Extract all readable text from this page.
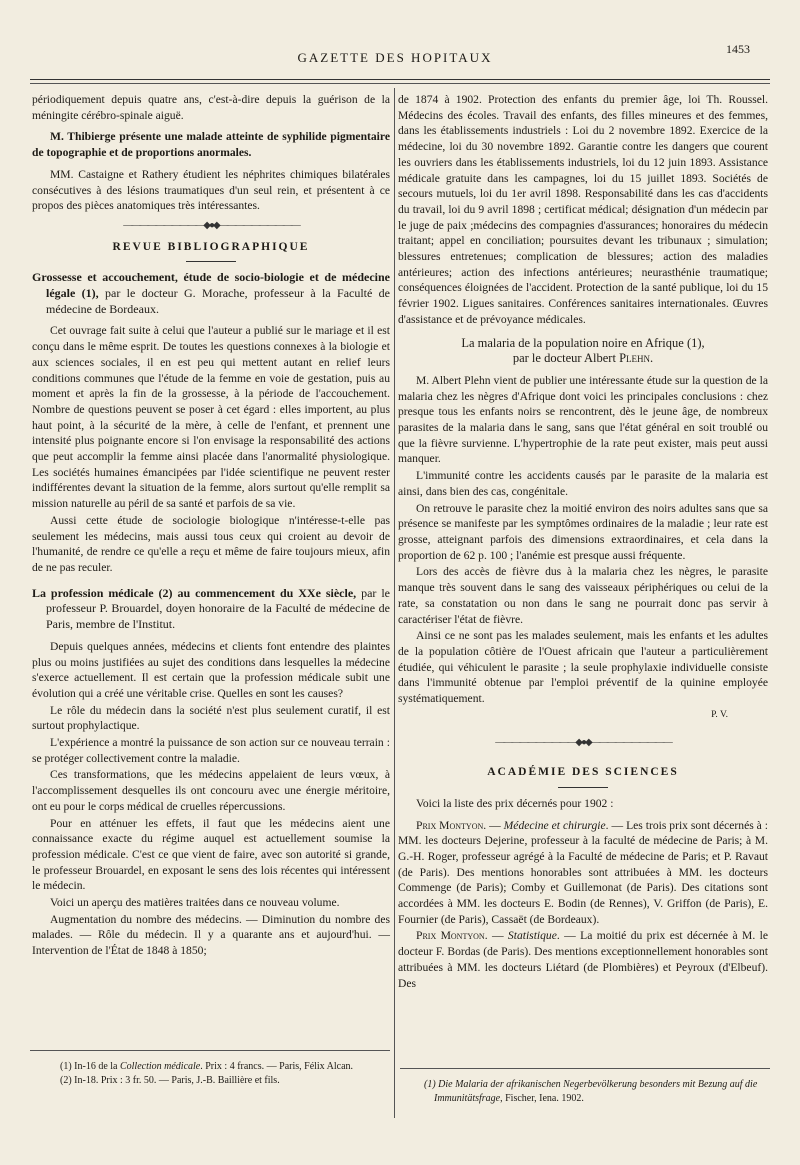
GAZETTE DES HOPITAUX
1453

périodiquement depuis quatre ans, c'est-à-dire depuis la guérison de la méningite cérébro-spinale aiguë.

M. Thibierge présente une malade atteinte de syphilide pigmentaire de topographie et de proportions anormales.

MM. Castaigne et Rathery étudient les néphrites chimiques bilatérales consécutives à des lésions traumatiques d'un seul rein, et présentent à ce propos des pièces anatomiques très intéressantes.

——————————◆●◆——————————
REVUE BIBLIOGRAPHIQUE
Grossesse et accouchement, étude de socio-biologie et de médecine légale (1), par le docteur G. Morache, professeur à la Faculté de médecine de Bordeaux.

Cet ouvrage fait suite à celui que l'auteur a publié sur le mariage et il est conçu dans le même esprit. De toutes les questions connexes à la biologie et aux sciences sociales, il en est peu qui mettent autant en relief leurs conditions communes que l'étude de la femme en voie de gestation, puis au moment et après la fin de la grossesse, à la période de l'accouchement. Nombre de questions peuvent se poser à cet égard : elles importent, au plus haut point, à la sécurité de la mère, à celle de l'enfant, et prennent une intensité plus poignante encore si l'on envisage la responsabilité des actions que peut accomplir la femme ainsi placée dans l'anormalité physiologique. Les sociétés humaines émancipées par l'idée scientifique ne peuvent rester indifférentes devant la situation de la femme, alors surtout qu'elle remplit sa mission naturelle au péril de sa santé et parfois de sa vie.

Aussi cette étude de sociologie biologique n'intéresse-t-elle pas seulement les médecins, mais aussi tous ceux qui croient au devoir de l'humanité, de rendre ce qu'elle a reçu et même de faire toujours mieux, afin de ne pas reculer.

La profession médicale (2) au commencement du XXe siècle, par le professeur P. Brouardel, doyen honoraire de la Faculté de médecine de Paris, membre de l'Institut.

Depuis quelques années, médecins et clients font entendre des plaintes plus ou moins justifiées au sujet des conditions dans lesquelles la médecine s'exerce actuellement. Il est certain que la profession médicale subit une évolution qui a créé une véritable crise. Quelles en sont les causes?

Le rôle du médecin dans la société n'est plus seulement curatif, il est surtout prophylactique.

L'expérience a montré la puissance de son action sur ce nouveau terrain : se protéger collectivement contre la maladie.

Ces transformations, que les médecins appelaient de leurs vœux, à l'accomplissement desquelles ils ont concouru avec une énergie méritoire, ont eu pour le corps médical de cruelles répercussions.

Pour en atténuer les effets, il faut que les médecins aient une connaissance exacte du régime auquel est actuellement soumise la profession médicale. C'est ce que vient de faire, avec son autorité si grande, le professeur Brouardel, en exposant le sens des lois récentes qui intéressent le médecin.

Voici un aperçu des matières traitées dans ce nouveau volume.

Augmentation du nombre des médecins. — Diminution du nombre des malades. — Rôle du médecin. Il y a quarante ans et aujourd'hui. — Intervention de l'État de 1848 à 1850;

(1) In-16 de la Collection médicale. Prix : 4 francs. — Paris, Félix Alcan.
(2) In-18. Prix : 3 fr. 50. — Paris, J.-B. Baillière et fils.

de 1874 à 1902. Protection des enfants du premier âge, loi Th. Roussel. Médecins des écoles. Travail des enfants, des filles mineures et des femmes, dans les établissements industriels : Loi du 2 novembre 1892. Exercice de la médecine, loi du 30 novembre 1892. Garantie contre les dangers que courent les ouvriers dans les établissements industriels, loi du 12 juin 1893. Assistance médicale gratuite dans les campagnes, loi du 15 juillet 1893. Sociétés de secours mutuels, loi du 1er avril 1898. Responsabilité dans les cas d'accidents du travail, loi du 9 avril 1898 ; certificat médical; désignation d'un médecin par le juge de paix ;médecins des compagnies d'assurances; honoraires du médecin traitant; appel en conciliation; poursuites devant les tribunaux ; simulation; blessures entretenues; complication de blessures; action des maladies antérieures; action des infections antérieures; neurasthénie traumatique; conséquences éloignées de l'accident. Protection de la santé publique, loi du 15 février 1902. Ligues sanitaires. Conférences sanitaires internationales. Œuvres d'assistance et de prévoyance médicales.

La malaria de la population noire en Afrique (1),
par le docteur Albert Plehn.

M. Albert Plehn vient de publier une intéressante étude sur la question de la malaria chez les nègres d'Afrique dont voici les principales conclusions : chez presque tous les enfants noirs se rencontrent, dès le jeune âge, de nombreux parasites de la malaria dans le sang, sans que l'état général en soit troublé ou que la fièvre survienne. L'hypertrophie de la rate peut exister, mais peut aussi manquer.

L'immunité contre les accidents causés par le parasite de la malaria est ainsi, dans bien des cas, congénitale.

On retrouve le parasite chez la moitié environ des noirs adultes sans que sa présence se manifeste par les symptômes ordinaires de la maladie ; leur rate est grosse, atteignant parfois des dimensions extraordinaires, et cela dans la proportion de 62 p. 100 ; l'anémie est presque aussi fréquente.

Lors des accès de fièvre dus à la malaria chez les nègres, le parasite manque très souvent dans le sang des vaisseaux périphériques ou celui de la rate, sa constatation ou non dans le sang ne pourrait donc pas servir à caractériser l'état de fièvre.

Ainsi ce ne sont pas les malades seulement, mais les enfants et les adultes de la population côtière de l'Ouest africain que l'auteur a particulièrement étudiée, qui véhiculent le parasite ; la seule prophylaxie individuelle consiste dans l'immunité obtenue par l'emploi préventif de la quinine employée systématiquement.

P. V.
——————————◆●◆——————————
ACADÉMIE DES SCIENCES

Voici la liste des prix décernés pour 1902 :

Prix Montyon. — Médecine et chirurgie. — Les trois prix sont décernés à : MM. les docteurs Dejerine, professeur à la faculté de médecine de Paris; à M. G.-H. Roger, professeur agrégé à la Faculté de médecine de Paris; et P. Ravaut (de Paris). Des mentions honorables sont attribuées à MM. les docteurs Commenge (de Paris); Comby et Guillemonat (de Paris). Des citations sont accordées à MM. les docteurs E. Bodin (de Rennes), V. Griffon (de Paris), E. Fournier (de Paris), Cassaët (de Bordeaux).

Prix Montyon. — Statistique. — La moitié du prix est décernée à M. le docteur F. Bordas (de Paris). Des mentions exceptionnellement honorables sont attribuées à MM. les docteurs Liétard (de Plombières) et Peyroux (d'Elbeuf). Des

(1) Die Malaria der afrikanischen Negerbevölkerung besonders mit Bezung auf die Immunitätsfrage, Fischer, Iena. 1902.
